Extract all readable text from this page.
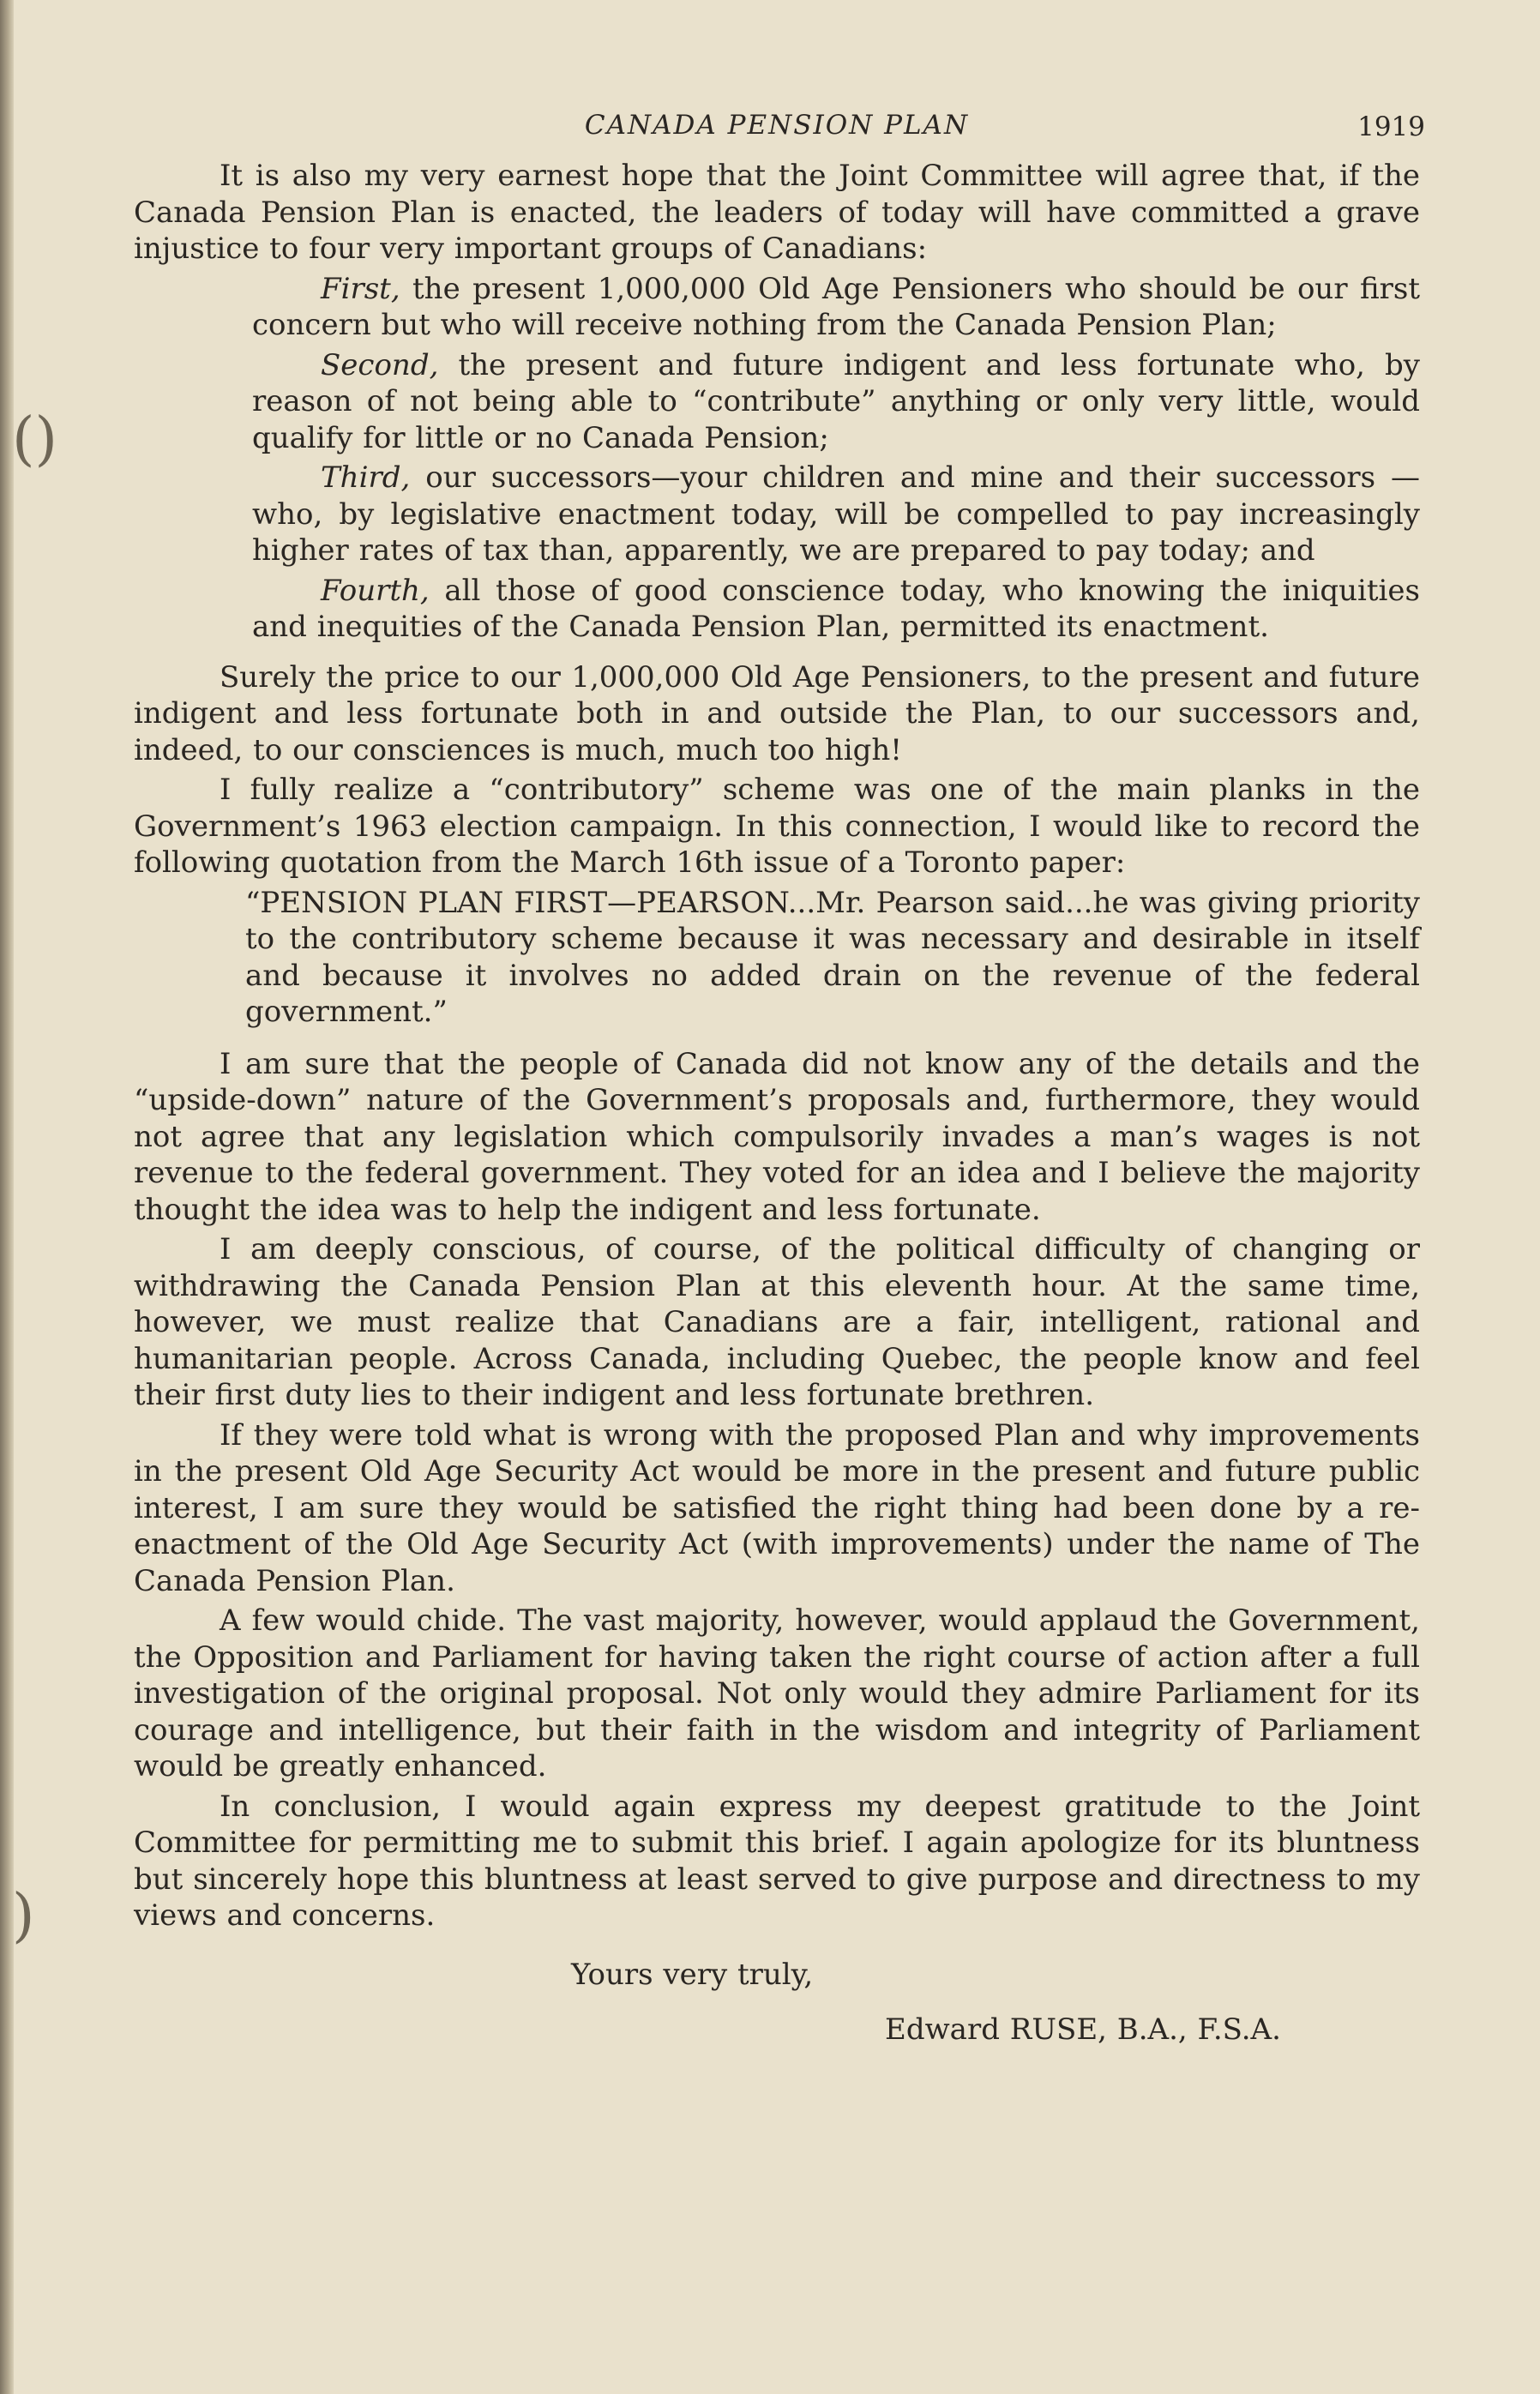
()
)
CANADA PENSION PLAN	1919

It is also my very earnest hope that the Joint Committee will agree that, if the Canada Pension Plan is enacted, the leaders of today will have committed a grave injustice to four very important groups of Canadians:

First, the present 1,000,000 Old Age Pensioners who should be our first concern but who will receive nothing from the Canada Pension Plan;

Second, the present and future indigent and less fortunate who, by reason of not being able to “contribute” anything or only very little, would qualify for little or no Canada Pension;

Third, our successors—your children and mine and their successors —who, by legislative enactment today, will be compelled to pay increasingly higher rates of tax than, apparently, we are prepared to pay today; and

Fourth, all those of good conscience today, who knowing the iniquities and inequities of the Canada Pension Plan, permitted its enactment.

Surely the price to our 1,000,000 Old Age Pensioners, to the present and future indigent and less fortunate both in and outside the Plan, to our successors and, indeed, to our consciences is much, much too high!

I fully realize a “contributory” scheme was one of the main planks in the Government’s 1963 election campaign. In this connection, I would like to record the following quotation from the March 16th issue of a Toronto paper:

“PENSION PLAN FIRST—PEARSON...Mr. Pearson said...he was giving priority to the contributory scheme because it was necessary and desirable in itself and because it involves no added drain on the revenue of the federal government.”

I am sure that the people of Canada did not know any of the details and the “upside-down” nature of the Government’s proposals and, furthermore, they would not agree that any legislation which compulsorily invades a man’s wages is not revenue to the federal government. They voted for an idea and I believe the majority thought the idea was to help the indigent and less fortunate.

I am deeply conscious, of course, of the political difficulty of changing or withdrawing the Canada Pension Plan at this eleventh hour. At the same time, however, we must realize that Canadians are a fair, intelligent, rational and humanitarian people. Across Canada, including Quebec, the people know and feel their first duty lies to their indigent and less fortunate brethren.

If they were told what is wrong with the proposed Plan and why improvements in the present Old Age Security Act would be more in the present and future public interest, I am sure they would be satisfied the right thing had been done by a re-enactment of the Old Age Security Act (with improvements) under the name of The Canada Pension Plan.

A few would chide. The vast majority, however, would applaud the Government, the Opposition and Parliament for having taken the right course of action after a full investigation of the original proposal. Not only would they admire Parliament for its courage and intelligence, but their faith in the wisdom and integrity of Parliament would be greatly enhanced.

In conclusion, I would again express my deepest gratitude to the Joint Committee for permitting me to submit this brief. I again apologize for its bluntness but sincerely hope this bluntness at least served to give purpose and directness to my views and concerns.

Yours very truly,

Edward RUSE, B.A., F.S.A.
